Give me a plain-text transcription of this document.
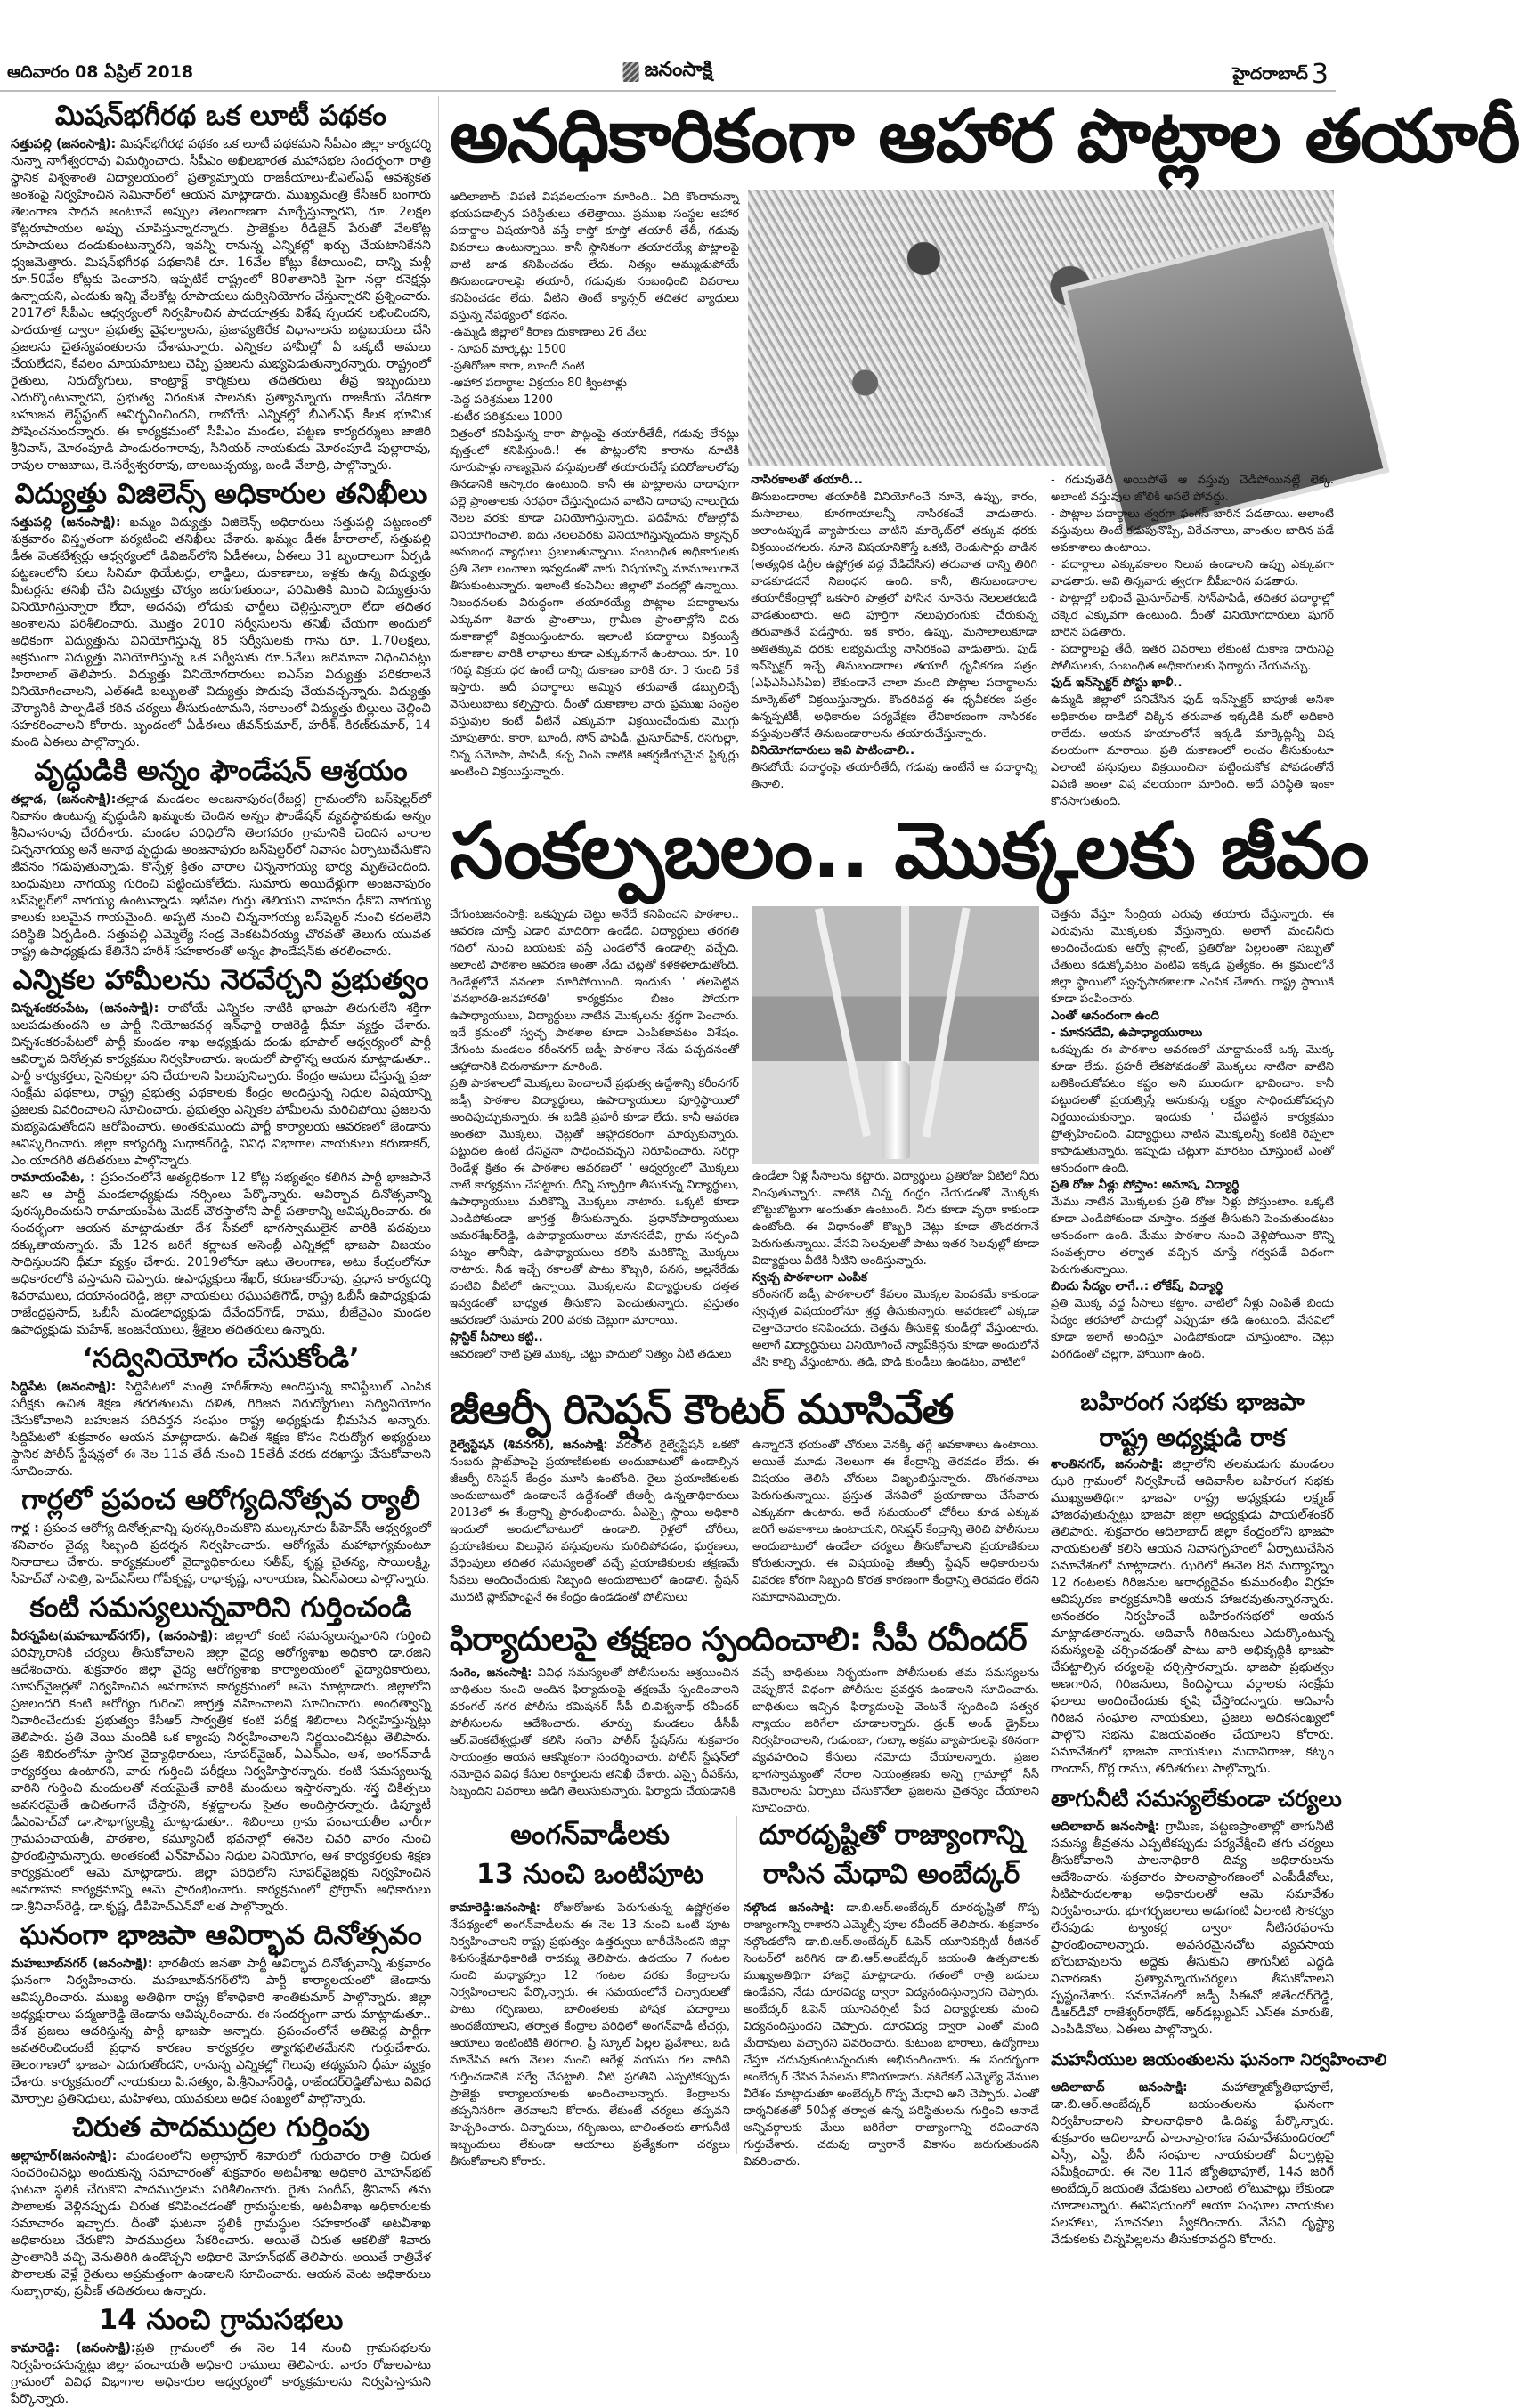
ఆదివారం 08 ఏప్రిల్ 2018	జనంసాక్షి	హైదరాబాద్ 3
మిషన్‌భగీరథ ఒక లూటీ పథకం

సత్తుపల్లి (జనంసాక్షి): మిషన్‌భగీరథ పథకం ఒక లూటీ పథకమని సీపీఎం జిల్లా కార్యదర్శి నున్నా నాగేశ్వరరావు విమర్శించారు. సీపీఎం అఖిలభారత మహాసభల సందర్భంగా రాత్రి స్థానిక విశ్వశాంతి విద్యాలయంలో ప్రత్యామ్నాయ రాజకీయాలు-బీఎల్‌ఎఫ్ ఆవశ్యకత అంశంపై నిర్వహించిన సెమినార్‌లో ఆయన మాట్లాడారు. ముఖ్యమంత్రి కేసీఆర్ బంగారు తెలంగాణ సాధన అంటూనే అప్పుల తెలంగాణగా మార్చేస్తున్నారని, రూ. 2లక్షల కోట్లరూపాయల అప్పు చూపిస్తున్నారన్నారు. ప్రాజెక్టుల రీడిజైన్ పేరుతో వేలకోట్ల రూపాయలు దండుకుంటున్నారని, ఇవన్నీ రానున్న ఎన్నికల్లో ఖర్చు చేయటానికేనని ధ్వజమెత్తారు. మిషన్‌భగీరథ పథకానికి రూ. 16వేల కోట్లు కేటాయించి, దాన్ని మళ్లీ రూ.50వేల కోట్లకు పెంచారని, ఇప్పటికే రాష్ట్రంలో 80శాతానికి పైగా నల్లా కనెక్షన్లు ఉన్నాయని, ఎందుకు ఇన్ని వేలకోట్ల రూపాయలు దుర్వినియోగం చేస్తున్నారని ప్రశ్నించారు. 2017లో సీపీఎం ఆధ్వర్యంలో నిర్వహించిన పాదయాత్రకు విశేష స్పందన లభించిందని, పాదయాత్ర ద్వారా ప్రభుత్వ వైఫల్యాలను, ప్రజావ్యతిరేక విధానాలను బట్టబయలు చేసి ప్రజలను చైతన్యవంతులను చేశామన్నారు. ఎన్నికల హామీల్లో ఏ ఒక్కటీ అమలు చేయలేదని, కేవలం మాయమాటలు చెప్పి ప్రజలను మభ్యపెడుతున్నారన్నారు. రాష్ట్రంలో రైతులు, నిరుద్యోగులు, కాంట్రాక్ట్ కార్మికులు తదితరులు తీవ్ర ఇబ్బందులు ఎదుర్కొంటున్నారని, ప్రభుత్వ నిరంకుశ పాలనకు ప్రత్యామ్నాయ రాజకీయ వేదికగా బహుజన లెఫ్ట్‌ఫ్రంట్ ఆవిర్భవించిందని, రాబోయే ఎన్నికల్లో బీఎల్‌ఎఫ్ కీలక భూమిక పోషించనుందన్నారు. ఈ కార్యక్రమంలో సీపీఎం మండల, పట్టణ కార్యదర్శులు జాజిరి శ్రీనివాస్, మోరంపూడి పాండురంగారావు, సీనియర్ నాయకుడు మోరంపూడి పుల్లారావు, రావుల రాజబాబు, కె.సర్వేశ్వరరావు, బాలబుచ్చయ్య, బండి వేలాద్రి, పాల్గొన్నారు.

విద్యుత్తు విజిలెన్స్ అధికారుల తనిఖీలు

సత్తుపల్లి (జనంసాక్షి): ఖమ్మం విద్యుత్తు విజిలెన్స్ అధికారులు సత్తుపల్లి పట్టణంలో శుక్రవారం విస్తృతంగా పర్యటించి తనిఖీలు చేశారు. ఖమ్మం డీఈ హీరాలాల్, సత్తుపల్లి డీఈ వెంకటేశ్వర్లు ఆధ్వర్యంలో డివిజన్‌లోని ఏడీఈలు, ఏఈలు 31 బృందాలుగా ఏర్పడి పట్టణంలోని పలు సినిమా థియేటర్లు, లాడ్జిలు, దుకాణాలు, ఇళ్లకు ఉన్న విద్యుత్తు మీటర్లను తనిఖీ చేసి విద్యుత్తు చౌర్యం జరుగుతుందా, పరిమితికి మించి విద్యుత్తును వినియోగిస్తున్నారా లేదా, అదనపు లోడుకు ఛార్జీలు చెల్లిస్తున్నారా లేదా తదితర అంశాలను పరిశీలించారు. మొత్తం 2010 సర్వీసులను తనిఖీ చేయగా అందులో అధికంగా విద్యుత్తును వినియోగిస్తున్న 85 సర్వీసులకు గాను రూ. 1.70లక్షలు, అక్రమంగా విద్యుత్తు వినియోగిస్తున్న ఒక సర్వీసుకు రూ.5వేలు జరిమానా విధించినట్లు హీరాలాల్ తెలిపారు. విద్యుత్తు వినియోగదారులు ఐఎస్ఐ విద్యుత్తు పరికరాలనే వినియోగించాలని, ఎల్ఈడీ బల్బులతో విద్యుత్తు పొదుపు చేయవచ్చన్నారు. విద్యుత్తు చౌర్యానికి పాల్పడితే కఠిన చర్యలు తీసుకుంటామని, సకాలంలో విద్యుత్తు బిల్లులు చెల్లించి సహకరించాలని కోరారు. బృందంలో ఏడీఈలు జీవన్‌కుమార్, హరీశ్, కిరణ్‌కుమార్, 14 మంది ఏఈలు పాల్గొన్నారు.

వృద్ధుడికి అన్నం ఫౌండేషన్ ఆశ్రయం

తల్లాడ, (జనంసాక్షి):తల్లాడ మండలం అంజనాపురం(రేజర్ల) గ్రామంలోని బస్‌షెల్టర్‌లో నివాసం ఉంటున్న వృద్ధుడిని ఖమ్మంకు చెందిన అన్నం ఫౌండేషన్ వ్యవస్థాపకుడు అన్నం శ్రీనివాసరావు చేరదీశారు. మండల పరిధిలోని తెలగవరం గ్రామానికి చెందిన వారాల చిన్ననాగయ్య అనే అనాథ వృద్ధుడు అంజనాపురం బస్‌షెల్టర్‌లో నివాసం ఏర్పాటుచేసుకొని జీవనం గడుపుతున్నాడు. కొన్నేళ్ల క్రితం వారాల చిన్ననాగయ్య భార్య మృతిచెందింది. బంధువులు నాగయ్య గురించి పట్టించుకోలేదు. సుమారు అయిదేళ్లుగా అంజనాపురం బస్‌షెల్టర్‌లో నాగయ్య ఉంటున్నాడు. ఇటీవల గుర్తు తెలియని వాహనం ఢీకొని నాగయ్య కాలుకు బలమైన గాయమైంది. అప్పటి నుంచి చిన్ననాగయ్య బస్‌షెల్టర్ నుంచి కదలలేని పరిస్థితి ఏర్పడింది. సత్తుపల్లి ఎమ్మెల్యే సండ్ర వెంకటవీరయ్య చొరవతో తెలుగు యువత రాష్ట్ర ఉపాధ్యక్షుడు కేతినేని హరీశ్ సహకారంతో అన్నం ఫౌండేషన్‌కు తరలించారు.

ఎన్నికల హామీలను నెరవేర్చని ప్రభుత్వం

చిన్నశంకరంపేట, (జనంసాక్షి): రాబోయే ఎన్నికల నాటికి భాజపా తిరుగులేని శక్తిగా బలపడుతుందని ఆ పార్టీ నియోజకవర్గ ఇన్‌ఛార్జి రాజిరెడ్డి ధీమా వ్యక్తం చేశారు. చిన్నశంకరంపేటలో పార్టీ మండల శాఖ అధ్యక్షుడు దండు భూపాల్ ఆధ్వర్యంలో పార్టీ ఆవిర్భావ దినోత్సవ కార్యక్రమం నిర్వహించారు. ఇందులో పాల్గొన్న ఆయన మాట్లాడుతూ.. పార్టీ కార్యకర్తలు, సైనికుల్లా పని చేయాలని పిలుపునిచ్చారు. కేంద్రం అమలు చేస్తున్న ప్రజా సంక్షేమ పథకాలు, రాష్ట్ర ప్రభుత్వ పథకాలకు కేంద్రం అందిస్తున్న నిధుల విషయాన్ని ప్రజలకు వివరించాలని సూచించారు. ప్రభుత్వం ఎన్నికల హామీలను మరిచిపోయి ప్రజలను మభ్యపెడుతోందని ఆరోపించారు. అంతకుముందు పార్టీ కార్యాలయ ఆవరణలో జెండాను ఆవిష్కరించారు. జిల్లా కార్యదర్శి సుధాకర్‌రెడ్డి, వివిధ విభాగాల నాయకులు కరుణాకర్, ఎం.యాదగిరి తదితరులు పాల్గొన్నారు.

రామాయంపేట, : ప్రపంచంలోనే అత్యధికంగా 12 కోట్ల సభ్యత్వం కలిగిన పార్టీ భాజపానే అని ఆ పార్టీ మండలాధ్యక్షుడు నర్సింలు పేర్కొన్నారు. ఆవిర్భావ దినోత్సవాన్ని పురస్కరించుకుని రామాయంపేట మెదక్ చౌరస్తాలోని పార్టీ పతాకాన్ని ఆవిష్కరించారు. ఈ సందర్భంగా ఆయన మాట్లాడుతూ దేశ సేవలో భాగస్వాములైన వారికి పదవులు దక్కుతాయన్నారు. మే 12న జరిగే కర్ణాటక అసెంబ్లీ ఎన్నికల్లో భాజపా విజయం సాధిస్తుందని ధీమా వ్యక్తం చేశారు. 2019లోనూ ఇటు తెలంగాణ, అటు కేంద్రంలోనూ అధికారంలోకి వస్తామని చెప్పారు. ఉపాధ్యక్షులు శేఖర్, కరుణాకర్‌రావు, ప్రధాన కార్యదర్శి శివరాములు, దయానందరెడ్డి, జిల్లా నాయకులు రఘుపతిగౌడ్, రాష్ట్ర ఓబీసీ ఉపాధ్యక్షుడు రాజేంద్రప్రసాద్, ఓబీసీ మండలాధ్యక్షుడు దేవేందర్‌గౌడ్, రాము, బీజేవైఎం మండల ఉపాధ్యక్షుడు మహేశ్, అంజనేయులు, శ్రీశైలం తదితరులు ఉన్నారు.

‘సద్వినియోగం చేసుకోండి’

సిద్దిపేట (జనంసాక్షి): సిద్దిపేటలో మంత్రి హరీశ్‌రావు అందిస్తున్న కానిస్టేబుల్ ఎంపిక పరీక్షకు ఉచిత శిక్షణ తరగతులను దళిత, గిరిజన నిరుద్యోగులు సద్వినియోగం చేసుకోవాలని బహుజన పరివర్తన సంఘం రాష్ట్ర అధ్యక్షుడు భీమసేన అన్నారు. సిద్దిపేటలో శుక్రవారం ఆయన మాట్లాడారు. ఉచిత శిక్షణ కోసం నిరుద్యోగ అభ్యర్థులు స్థానిక పోలీస్ స్టేషన్లలో ఈ నెల 11వ తేదీ నుంచి 15తేదీ వరకు దరఖాస్తు చేసుకోవాలని సూచించారు.

గార్లలో ప్రపంచ ఆరోగ్యదినోత్సవ ర్యాలీ

గార్ల : ప్రపంచ ఆరోగ్య దినోత్సవాన్ని పురస్కరించుకొని ముల్కనూరు పీహెచ్‌సీ ఆధ్వర్యంలో శనివారం వైద్య సిబ్బంది ప్రదర్శన నిర్వహించారు. ఆరోగ్యమే మహాభాగ్యమంటూ నినాదాలు చేశారు. కార్యక్రమంలో వైద్యాధికారులు సతీష్, కృష్ణ చైతన్య, సాయిలక్ష్మి, సీహెచ్‌వో సావిత్రి, హెచ్‌ఎస్‌లు గోపీకృష్ణ, రాధాకృష్ణ, నారాయణ, ఏఎన్‌ఎంలు పాల్గొన్నారు.

కంటి సమస్యలున్నవారిని గుర్తించండి

వీరన్నపేట(మహబూబ్‌నగర్), (జనంసాక్షి): జిల్లాలో కంటి సమస్యలున్నవారిని గుర్తించి పరిష్కారానికి చర్యలు తీసుకోవాలని జిల్లా వైద్య ఆరోగ్యశాఖ అధికారి డా.రజిని ఆదేశించారు. శుక్రవారం జిల్లా వైద్య ఆరోగ్యశాఖ కార్యాలయంలో వైద్యాధికారులు, సూపర్‌వైజర్లతో నిర్వహించిన అవగాహన కార్యక్రమంలో ఆమె మాట్లాడారు. జిల్లాలోని ప్రజలందరి కంటి ఆరోగ్యం గురించి జాగ్రత్త వహించాలని సూచించారు. అంధత్వాన్ని నివారించేందుకు ప్రభుత్వం కేసీఆర్ సార్వత్రిక కంటి పరీక్ష శిబిరాలు నిర్వహిస్తున్నట్లు తెలిపారు. ప్రతి వెయి మందికి ఒక క్యాంపు నిర్వహించాలని నిర్ణయించినట్లు తెలిపారు. ప్రతి శిబిరంలోనూ స్థానిక వైద్యాధికారులు, సూపర్‌వైజర్, ఏఎన్‌ఎం, ఆశ, అంగన్‌వాడీ కార్యకర్తలు ఉంటారని, వారు గుర్తించి పరీక్షలు నిర్వహిస్తారన్నారు. కంటి సమస్యలున్న వారిని గుర్తించి మందులతో నయమైతే వారికి మందులు ఇస్తారన్నారు. శస్త్ర చికిత్సలు అవసరమైతే ఉచితంగానే చేస్తారని, కళ్లద్దాలను సైతం అందిస్తారన్నారు. డిప్యూటీ డీఎంహెచ్‌వో డా.సౌభాగ్యలక్ష్మి మాట్లాడుతూ.. శిబిరాలు గ్రామ పంచాయతీల వారీగా గ్రామపంచాయతీ, పాఠశాల, కమ్యూనిటీ భవనాల్లో ఈనెల చివరి వారం నుంచి ప్రారంభిస్తామన్నారు. అంతకంటే ఎన్‌హెచ్‌ఎం నిధుల వినియోగం, ఆశ కార్యకర్తలకు శిక్షణ కార్యక్రమంలో ఆమె మాట్లాడారు. జిల్లా పరిధిలోని సూపర్‌వైజర్లకు నిర్వహించిన అవగాహన కార్యక్రమాన్ని ఆమె ప్రారంభించారు. కార్యక్రమంలో ప్రోగ్రామ్ అధికారులు డా.శ్రీనివాస్‌రెడ్డి, డా.కృష్ణ, డీపీహెచ్‌ఎన్‌వో లత పాల్గొన్నారు.

ఘనంగా భాజపా ఆవిర్భావ దినోత్సవం

మహబూబ్‌నగర్ (జనంసాక్షి): భారతీయ జనతా పార్టీ ఆవిర్భావ దినోత్సవాన్ని శుక్రవారం ఘనంగా నిర్వహించారు. మహబూబ్‌నగర్‌లోని పార్టీ కార్యాలయంలో జెండాను ఆవిష్కరించారు. ముఖ్య అతిథిగా రాష్ట్ర కోశాధికారి శాంతికుమార్ పాల్గొన్నారు. జిల్లా అధ్యక్షురాలు పద్మజారెడ్డి జెండాను ఆవిష్కరించారు. ఈ సందర్భంగా వారు మాట్లాడుతూ.. దేశ ప్రజలు ఆదరిస్తున్న పార్టీ భాజపా అన్నారు. ప్రపంచంలోనే అతిపెద్ద పార్టీగా అవతరించిందంటే ప్రధాన కారణం కార్యకర్తల త్యాగఫలితమేనని గుర్తుచేశారు. తెలంగాణలో భాజపా ఎదుగుతోందని, రానున్న ఎన్నికల్లో గెలుపు తథ్యమని ధీమా వ్యక్తం చేశారు. కార్యక్రమంలో నాయకులు పి.సత్యం, పి.శ్రీనివాస్‌రెడ్డి, రాజేందర్‌రెడ్డితోపాటు వివిధ మోర్చాల ప్రతినిధులు, మహిళలు, యువకులు అధిక సంఖ్యలో పాల్గొన్నారు.

చిరుత పాదముద్రల గుర్తింపు

అల్లాపూర్(జనంసాక్షి): మండలంలోని అల్లాపూర్ శివారులో గురువారం రాత్రి చిరుత సంచరించినట్లు అందుకున్న సమాచారంతో శుక్రవారం అటవీశాఖ అధికారి మోహన్‌భట్ ఘటనా స్థలికి చేరుకొని పాదముద్రలను పరిశీలించారు. రైతు సందీప్, శ్రీనివాస్ తమ పొలాలకు వెళ్లినప్పుడు చిరుత కనిపించడంతో గ్రామస్థులకు, అటవీశాఖ అధికారులకు సమాచారం ఇచ్చారు. దీంతో ఘటనా స్థలికి గ్రామస్థుల సహకారంతో అటవీశాఖ అధికారులు చేరుకొని పాదముద్రలు సేకరించారు. అయితే చిరుత ఆకలితో శివారు ప్రాంతానికి వచ్చి వెనుతిరిగి ఉండొచ్చని అధికారి మోహన్‌భట్ తెలిపారు. అయితే రాత్రివేళ పొలాలకు వెళ్లే రైతులు అప్రమత్తంగా ఉండాలని సూచించారు. ఆయన వెంట అధికారులు సుబ్బారావు, ప్రవీణ్ తదితరులు ఉన్నారు.

14 నుంచి గ్రామసభలు

కామారెడ్డి: (జనంసాక్షి):ప్రతి గ్రామంలో ఈ నెల 14 నుంచి గ్రామసభలను నిర్వహించనున్నట్లు జిల్లా పంచాయతీ అధికారి రాములు తెలిపారు. వారం రోజులపాటు గ్రామంలో వివిధ విభాగాల అధికారుల ఆధ్వర్యంలో కార్యక్రమాలను నిర్వహిస్తామని పేర్కొన్నారు.

అనధికారికంగా ఆహార పొట్లాల తయారీ

ఆదిలాబాద్ :విపణి విషవలయంగా మారింది.. ఏది కొందామన్నా భయపడాల్సిన పరిస్థితులు తలెత్తాయి. ప్రముఖ సంస్థల ఆహార పదార్థాల విషయానికి వస్తే కాస్తో కూస్తో తయారీ తేదీ, గడువు వివరాలు ఉంటున్నాయి. కానీ స్థానికంగా తయారయ్యే పొట్లాలపై వాటి జాడ కనిపించడం లేదు. నిత్యం అమ్ముడుపోయే తినుబండారాలపై తయారీ, గడువుకు సంబంధించి వివరాలు కనిపించడం లేదు. వీటిని తింటే క్యాన్సర్ తదితర వ్యాధులు వస్తున్న నేపథ్యంలో కథనం.

-ఉమ్మడి జిల్లాలో కిరాణ దుకాణాలు 26 వేలు

- సూపర్ మార్కెట్లు 1500

-ప్రతిరోజూ కారా, బూందీ వంటి

-ఆహార పదార్థాల విక్రయం 80 క్వింటాళ్లు

-పెద్ద పరిశ్రమలు 1200

-కుటీర పరిశ్రమలు 1000

చిత్రంలో కనిపిస్తున్న కారా పొట్లంపై తయారీతేదీ, గడువు లేనట్లు వృత్తంలో కనిపిస్తుంది.! ఈ పొట్లంలోని కారాను నూటికి నూరుపాళ్లు నాణ్యమైన వస్తువులతో తయారుచేస్తే పదిరోజులలోపు తినడానికి ఆస్కారం ఉంటుంది. కానీ ఈ పొట్లాలను దాదాపుగా పల్లె ప్రాంతాలకు సరఫరా చేస్తున్నందున వాటిని దాదాపు నాలుగైదు నెలల వరకు కూడా వినియోగిస్తున్నారు. పదిహేను రోజుల్లోపే వినియోగించాలి. ఐదు నెలలవరకు వినియోగిస్తున్నందున క్యాన్సర్ అనుబంధ వ్యాధులు ప్రబలుతున్నాయి. సంబంధిత అధికారులకు ప్రతి నెలా లంచాలు ఇవ్వడంతో వారు విషయాన్ని మామూలుగానే తీసుకుంటున్నారు. ఇలాంటి కంపెనీలు జిల్లాలో వందల్లో ఉన్నాయి. నిబంధనలకు విరుద్ధంగా తయారయ్యే పొట్లాల పదార్థాలను ఎక్కువగా శివారు ప్రాంతాలు, గ్రామీణ ప్రాంతాల్లోని చిరు దుకాణాల్లో విక్రయిస్తుంటారు. ఇలాంటి పదార్థాలు విక్రయిస్తే దుకాణాల వారికి లాభాలు కూడా ఎక్కువగానే ఉంటాయి. రూ. 10 గరిష్ఠ విక్రయ ధర ఉంటే దాన్ని దుకాణం వారికి రూ. 3 నుంచి 5కే ఇస్తారు. అదీ పదార్థాలు అమ్మిన తరువాతే డబ్బులిచ్చే వెసులుబాటు కల్పిస్తారు. దీంతో దుకాణాల వారు ప్రముఖ సంస్థల వస్తువుల కంటే వీటినే ఎక్కువగా విక్రయించేందుకు మొగ్గు చూపుతారు. కారా, బూందీ, సోన్ పాపిడీ, మైసూర్‌పాక్, రసగుల్లా, చిన్న సమోసా, పాపిడీ, కచ్చ నింపి వాటికి ఆకర్షణీయమైన స్టిక్కర్లు అంటించి విక్రయిస్తున్నారు.

నాసిరకాలతో తయారీ...

తినుబండారాల తయారీకి వినియోగించే నూనె, ఉప్పు, కారం, మసాలాలు, కూరగాయాలన్నీ నాసిరకంవే వాడుతారు. అలాంటప్పుడే వ్యాపారులు వాటిని మార్కెట్‌లో తక్కువ ధరకు విక్రయించగలరు. నూనె విషయానికొస్తే ఒకటి, రెండుసార్లు వాడిన (అత్యధిక డిగ్రీల ఉష్ణోగ్రత వద్ద వేడిచేసిన) తరువాత దాన్ని తిరిగి వాడకూడదనే నిబంధన ఉంది. కానీ, తినుబండారాల తయారీకేంద్రాల్లో ఒకసారి పాత్రలో పోసిన నూనెను నెలలతరబడి వాడతుంటారు. అది పూర్తిగా నలుపురంగుకు చేరుకున్న తరువాతనే పడేస్తారు. ఇక కారం, ఉప్పు, మసాలాలుకూడా అతితక్కువ ధరకు లభ్యమయ్యే నాసిరకంవి వాడుతారు. ఫుడ్ ఇన్‌స్పెక్టర్ ఇచ్చే తినుబండారాల తయారీ ధృవీకరణ పత్రం (ఎఫ్ఎస్ఎస్ఏఐ) లేకుండానే చాలా మంది పొట్లాల పదార్థాలను మార్కెట్‌లో విక్రయిస్తున్నారు. కొందరివద్ద ఈ ధృవీకరణ పత్రం ఉన్నప్పటికీ, అధికారుల పర్యవేక్షణ లేనికారణంగా నాసిరకం వస్తువులతోనే తినుబండారాలను తయారుచేస్తున్నారు.

వినియోగదారులు ఇవి పాటించాలి..

తినబోయే పదార్థంపై తయారీతేదీ, గడువు ఉంటేనే ఆ పదార్థాన్ని తినాలి.

- గడువుతేదీ అయిపోతే ఆ వస్తువు చెడిపోయినట్లే లెక్క. అలాంటి వస్తువుల జోలికి అసలే పోవద్దు.

- పొట్లాల పదార్థాలు త్వరగా ఫంగస్ బారిన పడతాయి. అలాంటి వస్తువులు తింటే కడుపునొప్పి, విరేచనాలు, వాంతుల బారిన పడే అవకాశాలు ఉంటాయి.

- పదార్థాలు ఎక్కువకాలం నిలువ ఉండాలని ఉప్పు ఎక్కువగా వాడతారు. అవి తిన్నవారు త్వరగా బీపీబారిన పడతారు.

- పొట్లాల్లో లభించే మైసూర్‌పాక్, సోన్‌పాపిడీ, తదితర పదార్థాల్లో చక్కెర ఎక్కువగా ఉంటుంది. దీంతో వినియోగదారులు షుగర్ బారిన పడతారు.

- పదార్థాలపై తేదీ, ఇతర వివరాలు లేకుంటే దుకాణ దారునిపై పోలీసులకు, సంబంధిత అధికారులకు ఫిర్యాదు చేయవచ్చు.

ఫుడ్ ఇన్‌స్పెక్టర్ పోస్టు ఖాళీ..

ఉమ్మడి జిల్లాలో పనిచేసిన ఫుడ్ ఇన్‌స్పెక్టర్ బాపూజీ అనిశా అధికారుల దాడిలో చిక్కిన తరువాత ఇక్కడికి మరో అధికారి రాలేదు. ఆయన హయాంలోనే ఇక్కడి మార్కెట్లన్నీ విష వలయంగా మారాయి. ప్రతి దుకాణంలో లంచం తీసుకుంటూ ఎలాంటి వస్తువులు విక్రయించినా పట్టించుకోక పోవడంతోనే విపణి అంతా విష వలయంగా మారింది. అదే పరిస్థితి ఇంకా కొనసాగుతుంది.

సంకల్పబలం.. మొక్కలకు జీవం

చేగుంటజనంసాక్షి: ఒకప్పుడు చెట్టు అనేదే కనిపించని పాఠశాల.. ఆవరణ చూస్తే ఎడారి మాదిరిగా ఉండేది. విద్యార్థులు తరగతి గదిలో నుంచి బయటకు వస్తే ఎండలోనే ఉండాల్సి వచ్చేది. అలాంటి పాఠశాల ఆవరణ అంతా నేడు చెట్లతో కళకళలాడుతోంది. రెండేళ్లలోనే వనంలా మారిపోయింది. ఇందుకు ' తలపెట్టిన 'వనభారతి-జనహారతి' కార్యక్రమం బీజం పోయగా ఉపాధ్యాయులు, విద్యార్థులు నాటిన మొక్కలను శ్రద్ధగా పెంచారు. ఇదే క్రమంలో స్వచ్ఛ పాఠశాల కూడా ఎంపికకావటం విశేషం. చేగుంట మండలం కరీంనగర్ జడ్పీ పాఠశాల నేడు పచ్చదనంతో ఆహ్లాదానికి చిరునామాగా మారింది.

ప్రతి పాఠశాలలో మొక్కలు పెంచాలనే ప్రభుత్వ ఉద్దేశాన్ని కరీంనగర్ జడ్పీ పాఠశాల విద్యార్థులు, ఉపాధ్యాయులు పూర్తిస్థాయిలో అందిపుచ్చుకున్నారు. ఈ బడికి ప్రహరీ కూడా లేదు. కానీ ఆవరణ అంతటా మొక్కలు, చెట్లతో ఆహ్లాదకరంగా మార్చుకున్నారు. పట్టుదల ఉంటే దేనినైనా సాధించవచ్చని నిరూపించారు. సరిగ్గా రెండేళ్ల క్రితం ఈ పాఠశాల ఆవరణలో ' ఆధ్వర్యంలో మొక్కలు నాటే కార్యక్రమం చేపట్టారు. దీన్ని స్ఫూర్తిగా తీసుకున్న విద్యార్థులు, ఉపాధ్యాయులు మరికొన్ని మొక్కలు నాటారు. ఒక్కటి కూడా ఎండిపోకుండా జాగ్రత్త తీసుకున్నారు. ప్రధానోపాధ్యాయులు అమరశేఖర్‌రెడ్డి, ఉపాధ్యాయురాలు మానసదేవి, గ్రామ సర్పంచి పట్నం తానీషా, ఉపాధ్యాయులు కలిసి మరికొన్ని మొక్కలు నాటారు. నీడ ఇచ్చే రకాలతో పాటు కొబ్బరి, పనస, అల్లనేరేడు వంటివి వీటిలో ఉన్నాయి. మొక్కలను విద్యార్థులకు దత్తత ఇవ్వడంతో బాధ్యత తీసుకొని పెంచుతున్నారు. ప్రస్తుతం ఆవరణలో సుమారు 200 వరకు చెట్లుగా మారాయి.

ప్లాస్టిక్ సీసాలు కట్టి..

ఆవరణలో నాటి ప్రతి మొక్క, చెట్టు పాదులో నిత్యం నీటి తడులు

ఉండేలా నీళ్ల సీసాలను కట్టారు. విద్యార్థులు ప్రతిరోజు వీటిలో నీరు నింపుతున్నారు. వాటికి చిన్న రంధ్రం చేయడంతో మొక్కకు బొట్టుబొట్టుగా అందుతూ ఉంటుంది. నీరు కూడా వృథా కాకుండా ఉంటోంది. ఈ విధానంతో కొబ్బరి చెట్లు కూడా తొందరగానే పెరుగుతున్నాయి. వేసవి సెలవులతో పాటు ఇతర సెలవుల్లో కూడా విద్యార్థులు వీటికి నీటిని అందిస్తున్నారు.

స్వచ్ఛ పాఠశాలగా ఎంపిక

కరీంనగర్ జడ్పీ పాఠశాలలో కేవలం మొక్కల పెంపకమే కాకుండా స్వచ్ఛత విషయంలోనూ శ్రద్ధ తీసుకున్నారు. ఆవరణలో ఎక్కడా చెత్తాచెదారం కనిపించదు. చెత్తను తీసుకెళ్లి కుండీల్లో వేస్తుంటారు. అలాగే విద్యార్థినులు వినియోగించే న్యాప్‌కిన్లను కూడా అందులోనే వేసి కాల్చి వేస్తుంటారు. తడి, పొడి కుండీలు ఉండటం, వాటిలో

చెత్తను వేస్తూ సేంద్రియ ఎరువు తయారు చేస్తున్నారు. ఈ ఎరువును మొక్కలకు వేస్తున్నారు. అలాగే మంచినీరు అందించేందుకు ఆర్వో ప్లాంట్, ప్రతిరోజు పిల్లలంతా సబ్బుతో చేతులు కడుక్కోవటం వంటివి ఇక్కడ ప్రత్యేకం. ఈ క్రమంలోనే జిల్లా స్థాయిలో స్వచ్ఛపాఠశాలగా ఎంపిక చేశారు. రాష్ట్ర స్థాయికి కూడా పంపించారు.

ఎంతో ఆనందంగా ఉంది

- మానసదేవి, ఉపాధ్యాయురాలు

ఒకప్పుడు ఈ పాఠశాల ఆవరణలో చూద్దామంటే ఒక్క మొక్క కూడా లేదు. ప్రహరీ లేకపోవడంతో మొక్కలు నాటినా వాటిని బతికించుకోవటం కష్టం అని ముందుగా భావించాం. కానీ పట్టుదలతో ప్రయత్నిస్తే అనుకున్న లక్ష్యం సాధించుకోవచ్చని నిర్ణయించుకున్నాం. ఇందుకు ' చేపట్టిన కార్యక్రమం ప్రోత్సహించింది. విద్యార్థులు నాటిన మొక్కలన్నీ కంటికి రెప్పలా కాపాడుతున్నారు. ఇప్పుడు చెట్లుగా మారటం చూస్తుంటే ఎంతో ఆనందంగా ఉంది.

ప్రతి రోజు నీళ్లు పోస్తాం: అనూష, విద్యార్థి

మేము నాటిన మొక్కలకు ప్రతి రోజు నీళ్లు పోస్తుంటాం. ఒక్కటి కూడా ఎండిపోకుండా చూస్తాం. దత్తత తీసుకుని పెంచుతుండటం ఆనందంగా ఉంది. మేము పాఠశాల నుంచి వెళ్లిపోయినా కొన్ని సంవత్సరాల తర్వాత వచ్చిన చూస్తే గర్వపడే విధంగా పెరుగుతున్నాయి.

బిందు సేద్యం లాగే..: లోకేష్, విద్యార్థి

ప్రతి మొక్క వద్ద సీసాలు కట్టాం. వాటిలో నీళ్లు నింపితే బిందు సేద్యం తరహాలో పాదుల్లో ఎప్పుడూ తడి ఉంటుంది. వేసవిలో కూడా ఇలాగే అందిస్తూ ఎండిపోకుండా చూస్తుంటాం. చెట్లు పెరగడంతో చల్లగా, హాయిగా ఉంది.

జీఆర్పీ రిసెప్షన్ కౌంటర్ మూసివేత

రైల్వేస్టేషన్ (శివనగర్), జనంసాక్షి: వరంగల్ రైల్వేస్టేషన్ ఒకటో నంబరు ప్లాట్‌ఫాంపై ప్రయాణికులకు అందుబాటులో ఉండాల్సిన జీఆర్పీ రిసెప్షన్ కేంద్రం మూసి ఉంటోంది. రైలు ప్రయాణికులకు అందుబాటులో ఉండాలనే ఉద్దేశంతో జీఆర్పీ ఉన్నతాధికారులు 2013లో ఈ కేంద్రాన్ని ప్రారంభించారు. ఏఎస్సై స్థాయి అధికారి ఇందులో అందులోబాటులో ఉండాలి. రైళ్లలో చోరీలు, ప్రయాణికులు విలువైన వస్తువులను మరిచిపోవడం, ఘర్షణలు, వేధింపులు తదితర సమస్యలతో వచ్చే ప్రయాణికులకు తక్షణమే సేవలు అందించేందుకు సిబ్బంది అందుబాటులో ఉండాలి. స్టేషన్ మొదటి ప్లాట్‌ఫాంపైనే ఈ కేంద్రం ఉండడంతో పోలీసులు

ఉన్నారనే భయంతో చోరులు వెనక్కి తగ్గే అవకాశాలు ఉంటాయి. అయితే మూడు నెలలుగా ఈ కేంద్రాన్ని తెరవడం లేదు. ఈ విషయం తెలిసి చోరులు విజృంభిస్తున్నారు. దొంగతనాలు పెరుగుతున్నాయి. ప్రస్తుత వేసవిలో ప్రయాణాలు చేసేవారు ఎక్కువగా ఉంటారు. అదే సమయంలో చోరీలు కూడ ఎక్కువ జరిగే అవకాశాలు ఉంటాయని, రిసెప్షన్ కేంద్రాన్ని తెరిచి పోలీసులు అందుబాటులో ఉండేలా చర్యలు తీసుకోవాలని ప్రయాణికులు కోరుతున్నారు. ఈ విషయంపై జీఆర్పీ స్టేషన్ అధికారులను వివరణ కోరగా సిబ్బంది కొరత కారణంగా కేంద్రాన్ని తెరవడం లేదని సమాధానమిచ్చారు.

ఫిర్యాదులపై తక్షణం స్పందించాలి: సీపీ రవీందర్

సంగెం, జనంసాక్షి: వివిధ సమస్యలతో పోలీసులను ఆశ్రయించిన బాధితుల నుంచి అందిన ఫిర్యాదులపై తక్షణమే స్పందించాలని వరంగల్ నగర పోలీసు కమిషనర్ సీపీ బి.విశ్వనాథ్ రవీందర్ పోలీసులను ఆదేశించారు. తూర్పు మండలం డీసీపీ ఆర్.వెంకటేశ్వర్లుతో కలిసి సంగెం పోలీస్ స్టేషన్‌ను శుక్రవారం సాయంత్రం ఆయన ఆకస్మికంగా సందర్శించారు. పోలీస్ స్టేషన్‌లో నమోదైన వివిధ కేసుల రికార్డులను తనిఖీ చేశారు. ఎస్సై దీపక్‌ను, సిబ్బందిని వివరాలు అడిగి తెలుసుకున్నారు. ఫిర్యాదు చేయడానికి

వచ్చే బాధితులు నిర్భయంగా పోలీసులకు తమ సమస్యలను చెప్పుకొనే విధంగా పోలీసుల ప్రవర్తన ఉండాలని సూచించారు. బాధితులు ఇచ్చిన ఫిర్యాదులపై వెంటనే స్పందించి సత్వర న్యాయం జరిగేలా చూడాలన్నారు. డ్రంక్ అండ్ డ్రైవ్‌లు నిర్వహించాలని, గుడుంబా, గుట్కా అక్రమ వ్యాపారులపై కఠినంగా వ్యవహరించి కేసులు నమోదు చేయాలన్నారు. ప్రజల భాగస్వామ్యంతో నేరాల నియంత్రణకు అన్ని గ్రామాల్లో సీసీ కెమెరాలను ఏర్పాటు చేసుకొనేలా ప్రజలను చైతన్యం చేయాలని సూచించారు.

అంగన్‌వాడీలకు
13 నుంచి ఒంటిపూట

కామారెడ్డి:జనంసాక్షి: రోజురోజుకు పెరుగుతున్న ఉష్ణోగ్రతల నేపథ్యంలో అంగన్‌వాడీలను ఈ నెల 13 నుంచి ఒంటి పూట నిర్వహించాలని రాష్ట్ర ప్రభుత్వం ఉత్తర్వులు జారీచేసిందని జిల్లా శిశుసంక్షేమాధికారిణి రాదమ్మ తెలిపారు. ఉదయం 7 గంటల నుంచి మధ్యాహ్నం 12 గంటల వరకు కేంద్రాలను నిర్వహించాలని పేర్కొన్నారు. ఈ సమయంలోనే చిన్నారులతో పాటు గర్భిణులు, బాలింతలకు పోషక పదార్థాలు అందజేయాలని, తర్వాత కేంద్రాల పరిధిలో అంగన్‌వాడీ టీచర్లు, ఆయాలు ఇంటింటికి తిరగాలి. ప్రీ స్కూల్ పిల్లల ప్రవేశాలు, బడి మానేసిన ఆరు నెలల నుంచి ఆరేళ్ల వయసు గల వారిని గుర్తించడానికి సర్వే చేపట్టాలి. వీటి ప్రగతిని ఎప్పటికప్పుడు ప్రాజెక్టు కార్యాలయాలకు అందించాలన్నారు. కేంద్రాలను తప్పనిసరిగా తెరవాలని కోరారు. లేకుంటే చర్యలు తప్పవని హెచ్చరించారు. చిన్నారులు, గర్భిణులు, బాలింతలకు తాగునీటి ఇబ్బందులు లేకుండా ఆయాలు ప్రత్యేకంగా చర్యలు తీసుకోవాలని కోరారు.

దూరదృష్టితో రాజ్యాంగాన్ని
రాసిన మేధావి అంబేద్కర్

నల్గొండ జనంసాక్షి: డా.బి.ఆర్.అంబేద్కర్ దూరదృష్టితో గొప్ప రాజ్యాంగాన్ని రాశారని ఎమ్మెల్సీ పూల రవీందర్ తెలిపారు. శుక్రవారం నల్గొండలోని డా.బి.ఆర్.అంబేద్కర్ ఓపెన్ యూనివర్సిటీ రీజినల్ సెంటర్‌లో జరిగిన డా.బి.ఆర్.అంబేద్కర్ జయంతి ఉత్సవాలకు ముఖ్యఅతిథిగా హాజరై మాట్లాడారు. గతంలో రాత్రి బడులు ఉండేవని, నేడు దూరవిద్య ద్వారా విద్యనందిస్తున్నారని చెప్పారు. అంబేద్కర్ ఓపెన్ యూనివర్సిటీ పేద విద్యార్థులకు మంచి విద్యనందిస్తుందని చెప్పారు. దూరవిద్య ద్వారా ఎంతో మంది మేధావులు వచ్చారని వివరించారు. కుటుంబ భారాలు, ఉద్యోగాలు చేస్తూ చదువుకుంటున్నందుకు అభినందించారు. ఈ సందర్భంగా అంబేద్కర్ చేసిన సేవలను కొనియాడారు. నకిరేకల్ ఎమ్మెల్యే వేముల వీరేశం మాట్లాడుతూ అంబేద్కర్ గొప్ప మేధావి అని చెప్పారు. ఎంతో దార్శనికతతో 50ఏళ్ల తర్వాత ఉన్న పరిస్థితులను గుర్తించి ఆనాడే అన్నివర్గాలకు మేలు జరిగేలా రాజ్యాంగాన్ని రచించారని గుర్తుచేశారు. చదువు ద్వారానే వికాసం జరుగుతుందని వివరించారు.

బహిరంగ సభకు భాజపా
రాష్ట్ర అధ్యక్షుడి రాక

శాంతినగర్, జనంసాక్షి: జిల్లాలోని తలమడుగు మండలం ఝరి గ్రామంలో నిర్వహించే ఆదివాసీల బహిరంగ సభకు ముఖ్యఅతిథిగా భాజపా రాష్ట్ర అధ్యక్షుడు లక్ష్మణ్ హాజరవుతున్నట్లు భాజపా జిల్లా అధ్యక్షుడు పాయల్‌శంకర్ తెలిపారు. శుక్రవారం ఆదిలాబాద్ జిల్లా కేంద్రంలోని భాజపా నాయకులతో కలిసి ఆయన నివాసగృహంలో ఏర్పాటుచేసిన సమావేశంలో మాట్లాడారు. ఝరిలో ఈనెల 8న మధ్యాహ్నం 12 గంటలకు గిరిజనుల ఆరాధ్యదైవం కుమురంభీం విగ్రహ ఆవిష్కరణ కార్యక్రమానికి ఆయన హాజరవుతున్నారన్నారు. అనంతరం నిర్వహించే బహిరంగసభలో ఆయన మాట్లాడతారన్నారు. ఆదివాసీ గిరిజనులు ఎదుర్కొంటున్న సమస్యలపై చర్చించడంతో పాటు వారి అభివృద్ధికి భాజపా చేపట్టాల్సిన చర్యలపై చర్చిస్తారన్నారు. భాజపా ప్రభుత్వం అణగారిన, గిరిజనులు, కిందిస్థాయి వర్గాలకు సంక్షేమ ఫలాలు అందించేందుకు కృషి చేస్తోందన్నారు. ఆదివాసీ గిరిజన సంఘాల నాయకులు, ప్రజలు అధికసంఖ్యలో పాల్గొని సభను విజయవంతం చేయాలని కోరారు. సమావేశంలో భాజపా నాయకులు మదావిరాజు, కట్కం రాందాస్, గొర్ల రాము, తదితరులు పాల్గొన్నారు.

తాగునీటి సమస్యలేకుండా చర్యలు

ఆదిలాబాద్ జనంసాక్షి: గ్రామీణ, పట్టణప్రాంతాల్లో తాగునీటి సమస్య తీవ్రతను ఎప్పటికప్పుడు పర్యవేక్షించి తగు చర్యలు తీసుకోవాలని పాలనాధికారి దివ్య అధికారులను ఆదేశించారు. శుక్రవారం పాలనాప్రాంగణంలో ఎంపీడీవోలు, నీటిపారుదలశాఖ అధికారులతో ఆమె సమావేశం నిర్వహించారు. భూగర్భజలాలు అడుగంటి ఏలాంటి సౌకర్యం లేనపుడు ట్యాంకర్ల ద్వారా నీటిసరఫరాను ప్రారంభించాలన్నారు. అవసరమైనచోట వ్యవసాయ బోరుబావులను అద్దెకు తీసుకుని తాగునీటి ఎద్దడి నివారణకు ప్రత్యామ్నాయచర్యలు తీసుకోవాలని స్పష్టంచేశారు. సమావేశంలో జడ్పీ సీఈవో జితేందర్‌రెడ్డి, డీఆర్‌డీవో రాజేశ్వర్‌రాథోడ్, ఆర్‌డబ్ల్యుఎస్ ఎస్ఈ మారుతి, ఎంపీడీవోలు, ఏఈలు పాల్గొన్నారు.

మహనీయుల జయంతులను ఘనంగా నిర్వహించాలి

ఆదిలాబాద్ జనంసాక్షి: మహాత్మాజ్యోతిభాపూలే, డా.బి.ఆర్.అంబేద్కర్ జయంతులను ఘనంగా నిర్వహించాలని పాలనాధికారి డి.దివ్య పేర్కొన్నారు. శుక్రవారం ఆదిలాబాద్ పాలనాప్రాంగణ సమావేశమందిరంలో ఎస్సీ, ఎస్టీ, బీసీ సంఘాల నాయకులతో ఏర్పాట్లపై సమీక్షించారు. ఈ నెల 11న జ్యోతిభాపూలే, 14న జరిగే అంబేద్కర్ జయంతి వేడుకలు ఎలాంటి లోటుపాట్లు లేకుండా చూడాలన్నారు. ఈవిషయంలో ఆయా సంఘాల నాయకుల సలహాలు, సూచనలు స్వీకరించారు. వేసవి దృష్ట్యా వేడుకలకు చిన్నపిల్లలను తీసుకరావద్దని కోరారు.
